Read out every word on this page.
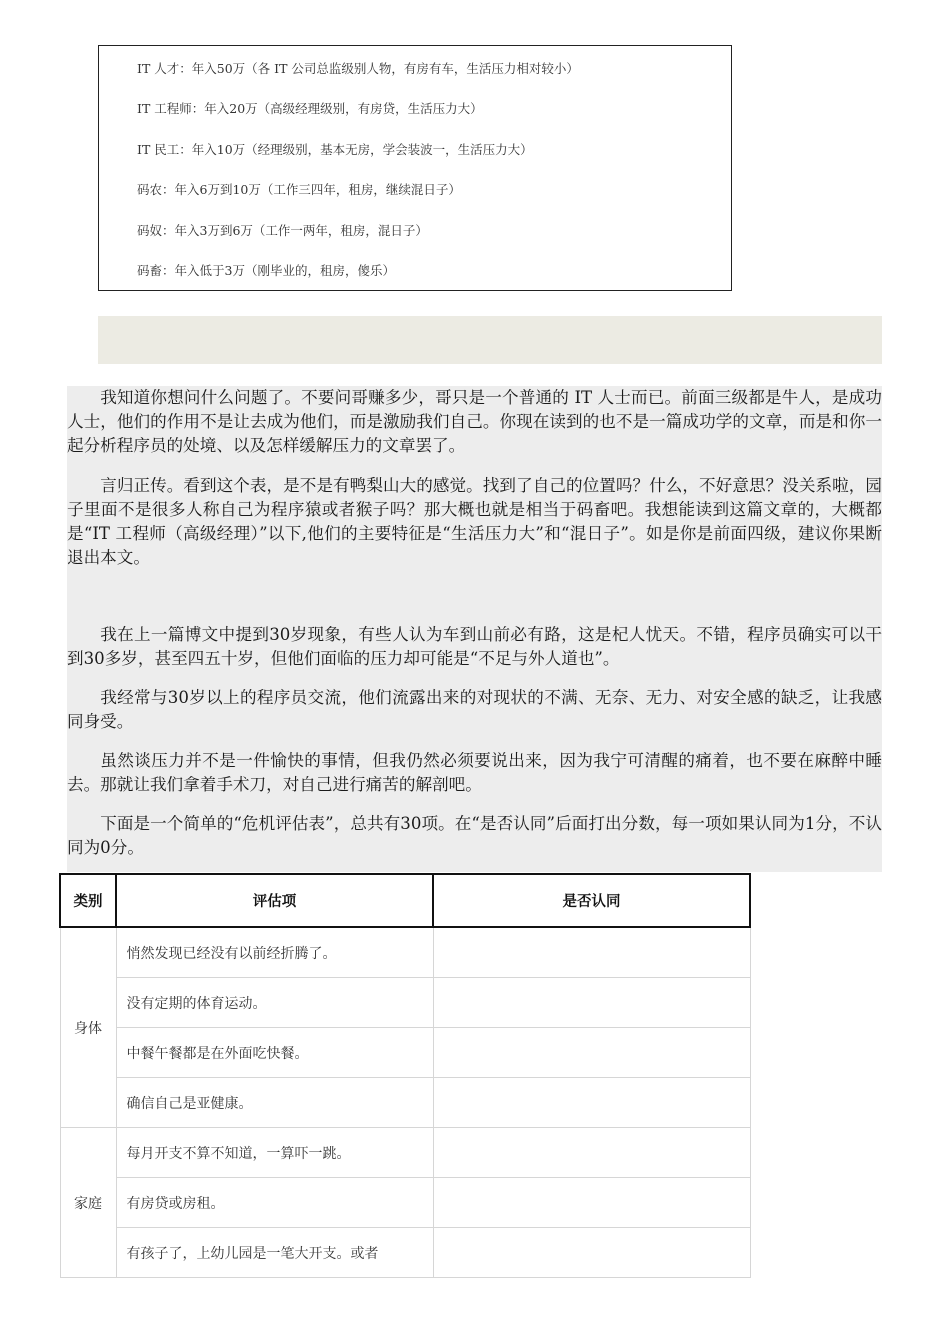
IT 人才：年入50万（各 IT 公司总监级别人物，有房有车，生活压力相对较小）
IT 工程师：年入20万（高级经理级别，有房贷，生活压力大）
IT 民工：年入10万（经理级别，基本无房，学会装波一，生活压力大）
码农：年入6万到10万（工作三四年，租房，继续混日子）
码奴：年入3万到6万（工作一两年，租房，混日子）
码畜：年入低于3万（刚毕业的，租房，傻乐）

我知道你想问什么问题了。不要问哥赚多少，哥只是一个普通的 IT 人士而已。前面三级都是牛人，是成功人士，他们的作用不是让去成为他们，而是激励我们自己。你现在读到的也不是一篇成功学的文章，而是和你一起分析程序员的处境、以及怎样缓解压力的文章罢了。

言归正传。看到这个表，是不是有鸭梨山大的感觉。找到了自己的位置吗？什么，不好意思？没关系啦，园子里面不是很多人称自己为程序猿或者猴子吗？那大概也就是相当于码畜吧。我想能读到这篇文章的，大概都是“IT 工程师（高级经理）”以下,他们的主要特征是“生活压力大”和“混日子”。如是你是前面四级，建议你果断退出本文。

我在上一篇博文中提到30岁现象，有些人认为车到山前必有路，这是杞人忧天。不错，程序员确实可以干到30多岁，甚至四五十岁，但他们面临的压力却可能是“不足与外人道也”。

我经常与30岁以上的程序员交流，他们流露出来的对现状的不满、无奈、无力、对安全感的缺乏，让我感同身受。

虽然谈压力并不是一件愉快的事情，但我仍然必须要说出来，因为我宁可清醒的痛着，也不要在麻醉中睡去。那就让我们拿着手术刀，对自己进行痛苦的解剖吧。

下面是一个简单的“危机评估表”，总共有30项。在“是否认同”后面打出分数，每一项如果认同为1分，不认同为0分。

类别	评估项	是否认同
身体	悄然发现已经没有以前经折腾了。	
	没有定期的体育运动。	
	中餐午餐都是在外面吃快餐。	
	确信自己是亚健康。	
家庭	每月开支不算不知道，一算吓一跳。	
	有房贷或房租。	
	有孩子了，上幼儿园是一笔大开支。或者	
